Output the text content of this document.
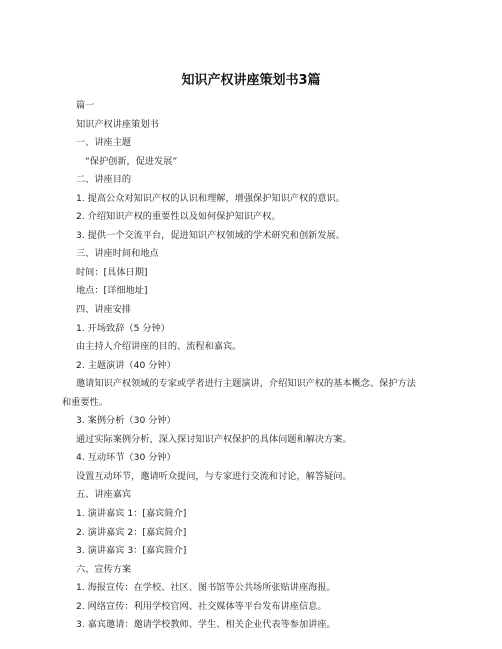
知识产权讲座策划书3篇

篇一

知识产权讲座策划书

一、讲座主题

“保护创新，促进发展”

二、讲座目的

1. 提高公众对知识产权的认识和理解，增强保护知识产权的意识。

2. 介绍知识产权的重要性以及如何保护知识产权。

3. 提供一个交流平台，促进知识产权领域的学术研究和创新发展。

三、讲座时间和地点

时间：[具体日期]

地点：[详细地址]

四、讲座安排

1. 开场致辞（5 分钟）

由主持人介绍讲座的目的、流程和嘉宾。

2. 主题演讲（40 分钟）

邀请知识产权领域的专家或学者进行主题演讲，介绍知识产权的基本概念、保护方法

和重要性。

3. 案例分析（30 分钟）

通过实际案例分析，深入探讨知识产权保护的具体问题和解决方案。

4. 互动环节（30 分钟）

设置互动环节，邀请听众提问，与专家进行交流和讨论，解答疑问。

五、讲座嘉宾

1. 演讲嘉宾 1：[嘉宾简介]

2. 演讲嘉宾 2：[嘉宾简介]

3. 演讲嘉宾 3：[嘉宾简介]

六、宣传方案

1. 海报宣传：在学校、社区、图书馆等公共场所张贴讲座海报。

2. 网络宣传：利用学校官网、社交媒体等平台发布讲座信息。

3. 嘉宾邀请：邀请学校教师、学生、相关企业代表等参加讲座。
